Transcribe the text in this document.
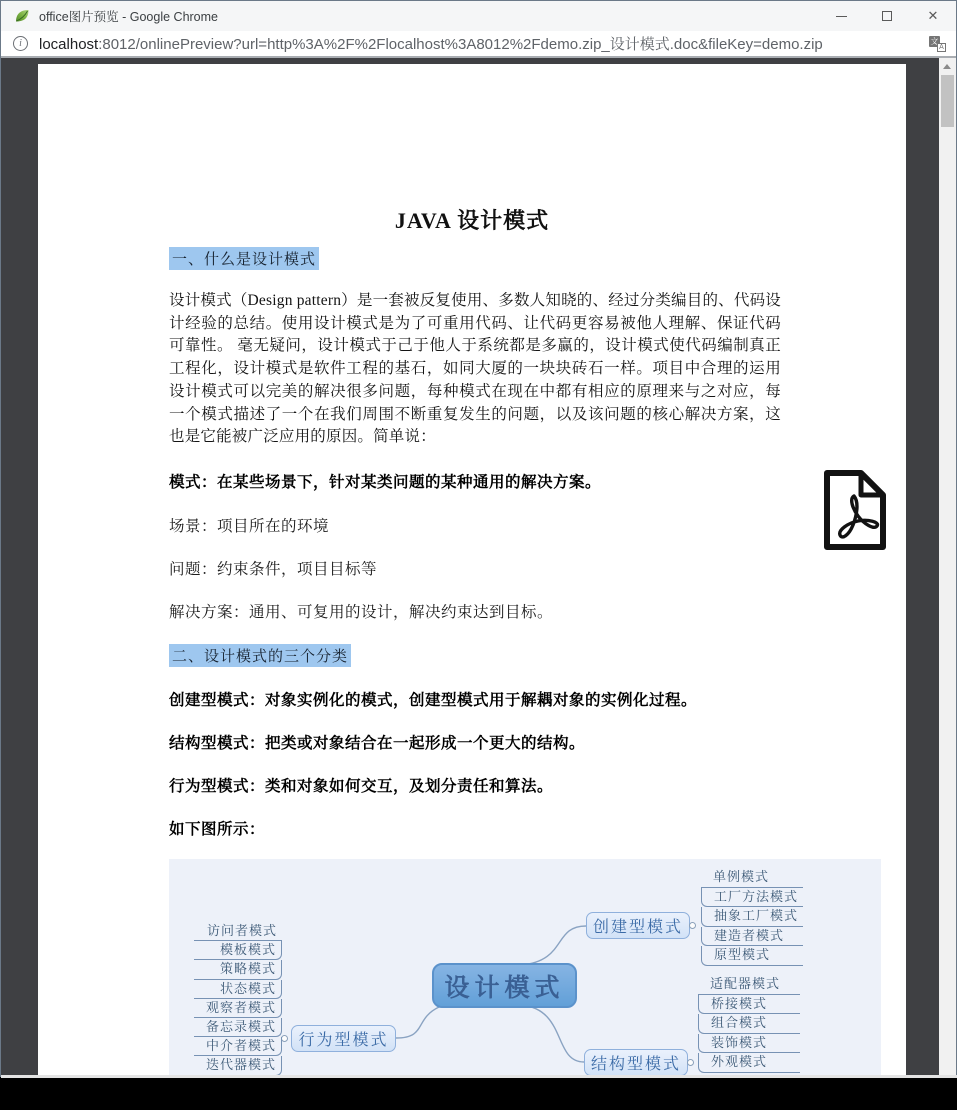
office图片预览 - Google Chrome
✕
i
localhost:8012/onlinePreview?url=http%3A%2F%2Flocalhost%3A8012%2Fdemo.zip_设计模式.doc&fileKey=demo.zip
文
A
JAVA 设计模式
一、什么是设计模式
设计模式（Design pattern）是一套被反复使用、多数人知晓的、经过分类编目的、代码设计经验的总结。使用设计模式是为了可重用代码、让代码更容易被他人理解、保证代码可靠性。 毫无疑问，设计模式于己于他人于系统都是多赢的，设计模式使代码编制真正工程化，设计模式是软件工程的基石，如同大厦的一块块砖石一样。项目中合理的运用设计模式可以完美的解决很多问题，每种模式在现在中都有相应的原理来与之对应，每一个模式描述了一个在我们周围不断重复发生的问题，以及该问题的核心解决方案，这也是它能被广泛应用的原因。简单说：
模式：在某些场景下，针对某类问题的某种通用的解决方案。
场景：项目所在的环境
问题：约束条件，项目目标等
解决方案：通用、可复用的设计，解决约束达到目标。
二、设计模式的三个分类
创建型模式：对象实例化的模式，创建型模式用于解耦对象的实例化过程。
结构型模式：把类或对象结合在一起形成一个更大的结构。
行为型模式：类和对象如何交互，及划分责任和算法。
如下图所示：
设计模式
行为型模式
创建型模式
结构型模式
访问者模式
模板模式
策略模式
状态模式
观察者模式
备忘录模式
中介者模式
迭代器模式
单例模式
工厂方法模式
抽象工厂模式
建造者模式
原型模式
适配器模式
桥接模式
组合模式
装饰模式
外观模式
